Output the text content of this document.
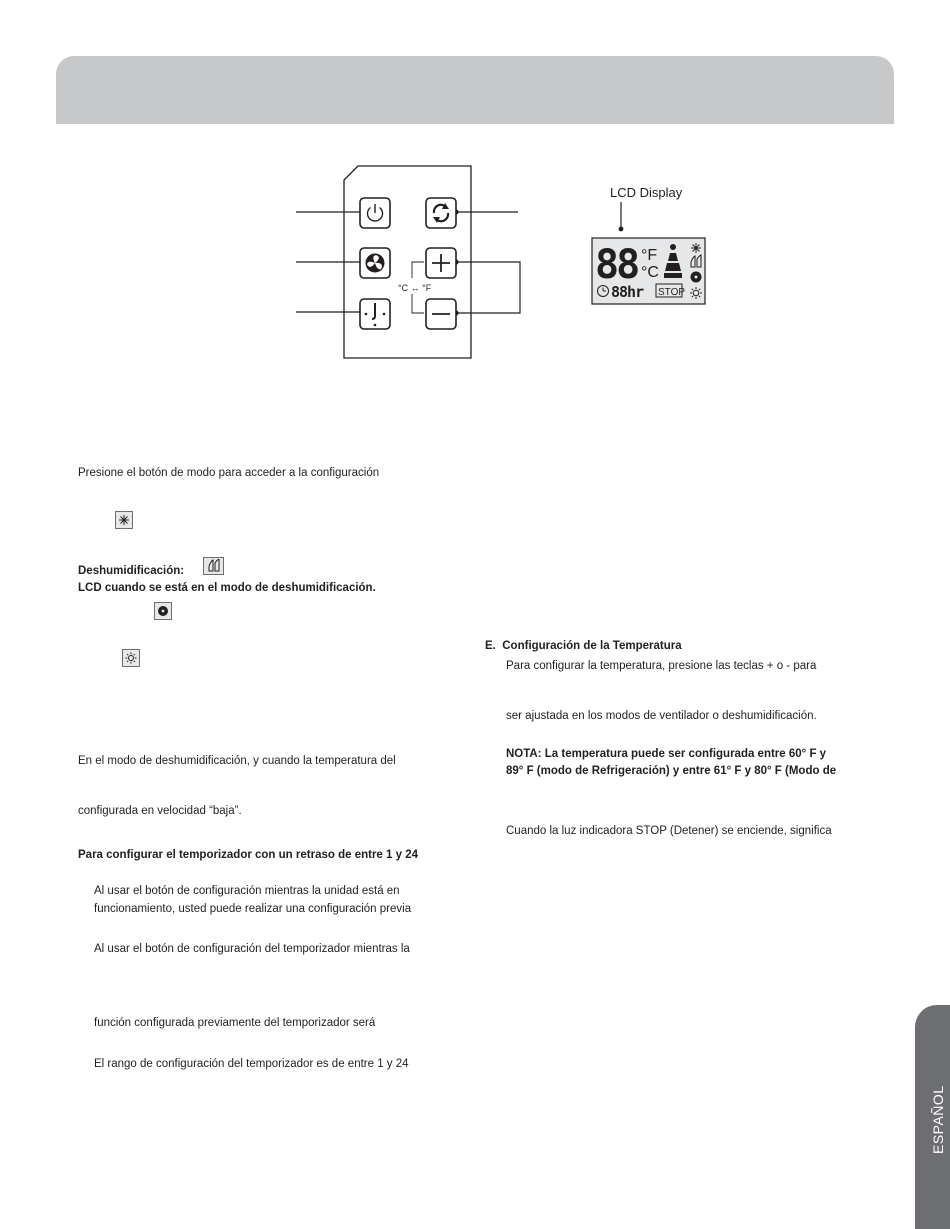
°C ↔ °F
LCD Display
88 °F
°C
88hr STOP
Presione el botón de modo para acceder a la configuración
Deshumidificación:
LCD cuando se está en el modo de deshumidificación.
En el modo de deshumidificación, y cuando la temperatura del
configurada en velocidad “baja”.
Para configurar el temporizador con un retraso de entre 1 y 24
Al usar el botón de configuración mientras la unidad está en
funcionamiento, usted puede realizar una configuración previa
Al usar el botón de configuración del temporizador mientras la
función configurada previamente del temporizador será
El rango de configuración del temporizador es de entre 1 y 24
E.  Configuración de la Temperatura
Para configurar la temperatura, presione las teclas + o - para
ser ajustada en los modos de ventilador o deshumidificación.
NOTA: La temperatura puede ser configurada entre 60° F y
89° F (modo de Refrigeración) y entre 61° F y 80° F (Modo de
Cuando la luz indicadora STOP (Detener) se enciende, significa
ESPAÑOL
